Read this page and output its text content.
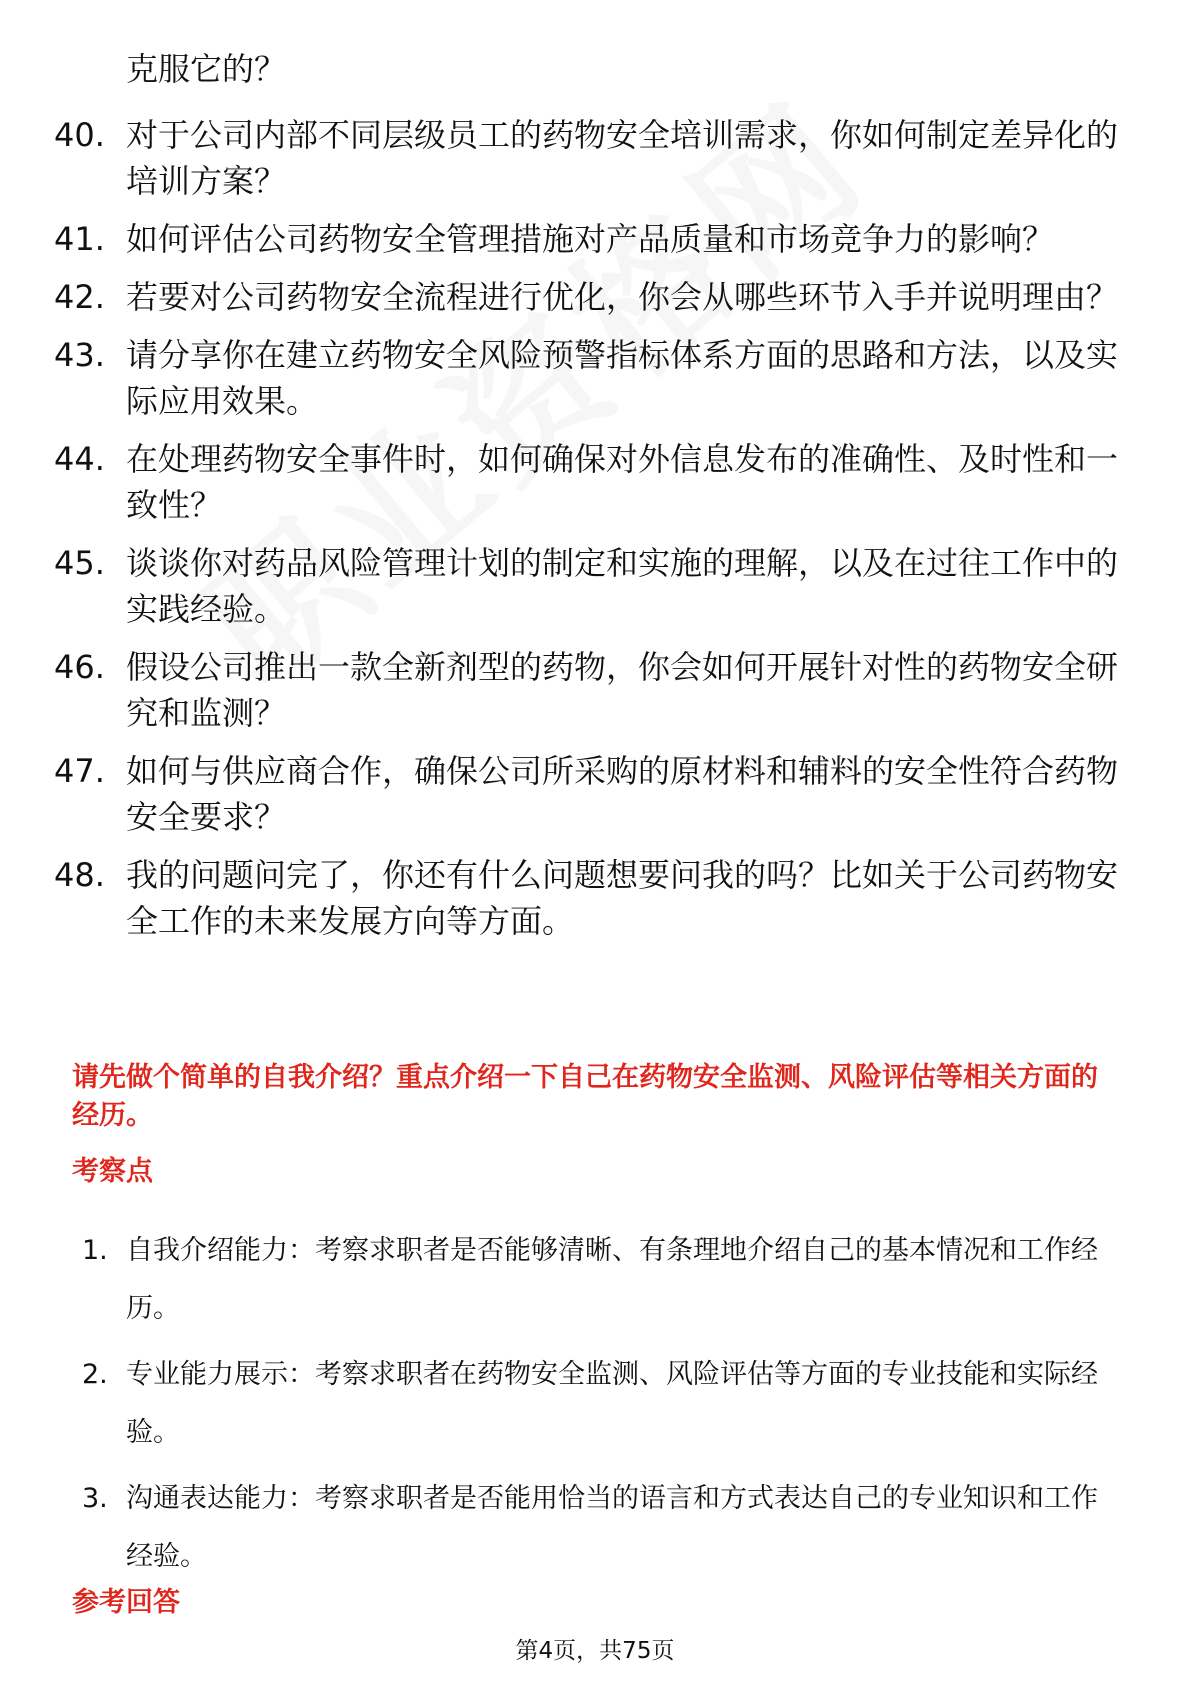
克服它的？
40. 对于公司内部不同层级员工的药物安全培训需求，你如何制定差异化的培训方案？
41. 如何评估公司药物安全管理措施对产品质量和市场竞争力的影响？
42. 若要对公司药物安全流程进行优化，你会从哪些环节入手并说明理由？
43. 请分享你在建立药物安全风险预警指标体系方面的思路和方法，以及实际应用效果。
44. 在处理药物安全事件时，如何确保对外信息发布的准确性、及时性和一致性？
45. 谈谈你对药品风险管理计划的制定和实施的理解，以及在过往工作中的实践经验。
46. 假设公司推出一款全新剂型的药物，你会如何开展针对性的药物安全研究和监测？
47. 如何与供应商合作，确保公司所采购的原材料和辅料的安全性符合药物安全要求？
48. 我的问题问完了，你还有什么问题想要问我的吗？比如关于公司药物安全工作的未来发展方向等方面。
请先做个简单的自我介绍？重点介绍一下自己在药物安全监测、风险评估等相关方面的经历。
考察点
1. 自我介绍能力：考察求职者是否能够清晰、有条理地介绍自己的基本情况和工作经历。
2. 专业能力展示：考察求职者在药物安全监测、风险评估等方面的专业技能和实际经验。
3. 沟通表达能力：考察求职者是否能用恰当的语言和方式表达自己的专业知识和工作经验。
参考回答
第4页，共75页
